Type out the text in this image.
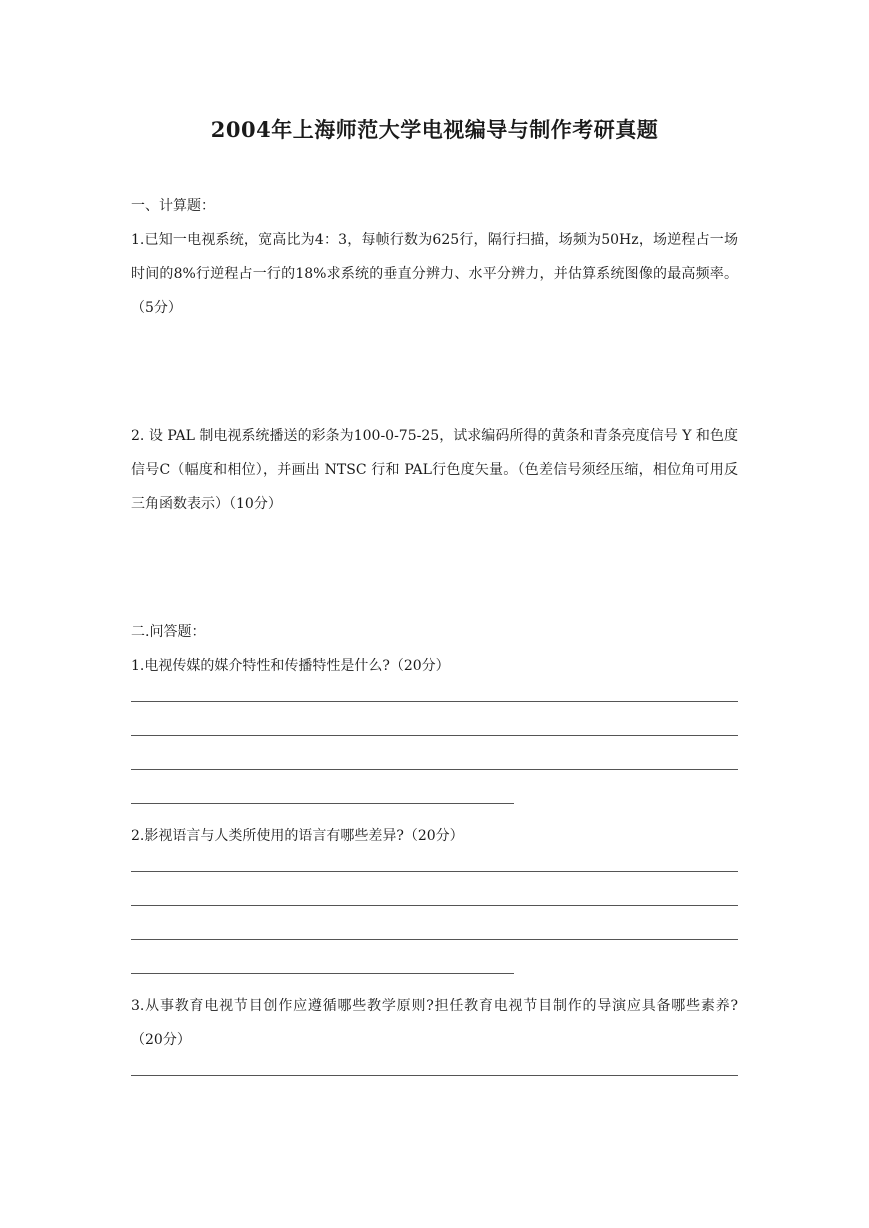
2004年上海师范大学电视编导与制作考研真题

一、计算题：

1.已知一电视系统，宽高比为4：3，每帧行数为625行，隔行扫描，场频为50Hz，场逆程占一场时间的8%行逆程占一行的18%求系统的垂直分辨力、水平分辨力，并估算系统图像的最高频率。（5分）

2. 设 PAL 制电视系统播送的彩条为100-0-75-25，试求编码所得的黄条和青条亮度信号 Y 和色度信号C（幅度和相位），并画出 NTSC 行和 PAL行色度矢量。（色差信号须经压缩，相位角可用反三角函数表示）（10分）

二.问答题：

1.电视传媒的媒介特性和传播特性是什么?（20分）

2.影视语言与人类所使用的语言有哪些差异?（20分）

3.从事教育电视节目创作应遵循哪些教学原则?担任教育电视节目制作的导演应具备哪些素养? （20分）
